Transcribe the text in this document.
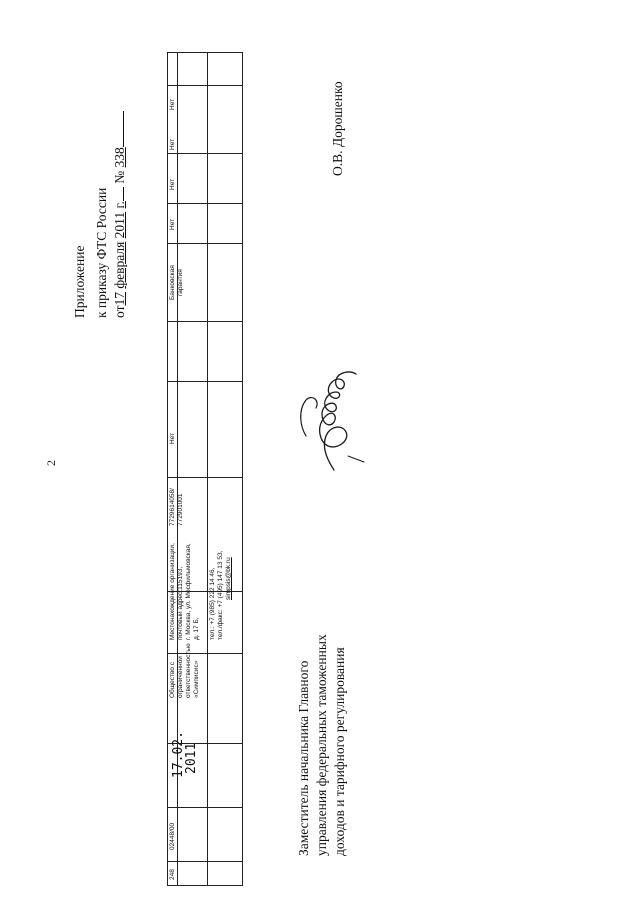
2
Приложение к приказу ФТС России от17 февраля 2011 г. № 338
248
02448/00
17.02.
2011
Общество с ограниченной ответственностью «Симписис»
Местонахождение организации, почтовый адрес:115193, г. Москва, ул. Мосфильмовская, д. 17 Б,
тел.: +7 (985) 222 14 46, тел./факс: +7 (495) 147 13 53, simpsis@bk.ru
7729614058/ 772901001
Нет
Банковская гарантия
Нет
Нет
Нет
Нет
Заместитель начальника Главного управления федеральных таможенных доходов и тарифного регулирования
О.В. Дорошенко
